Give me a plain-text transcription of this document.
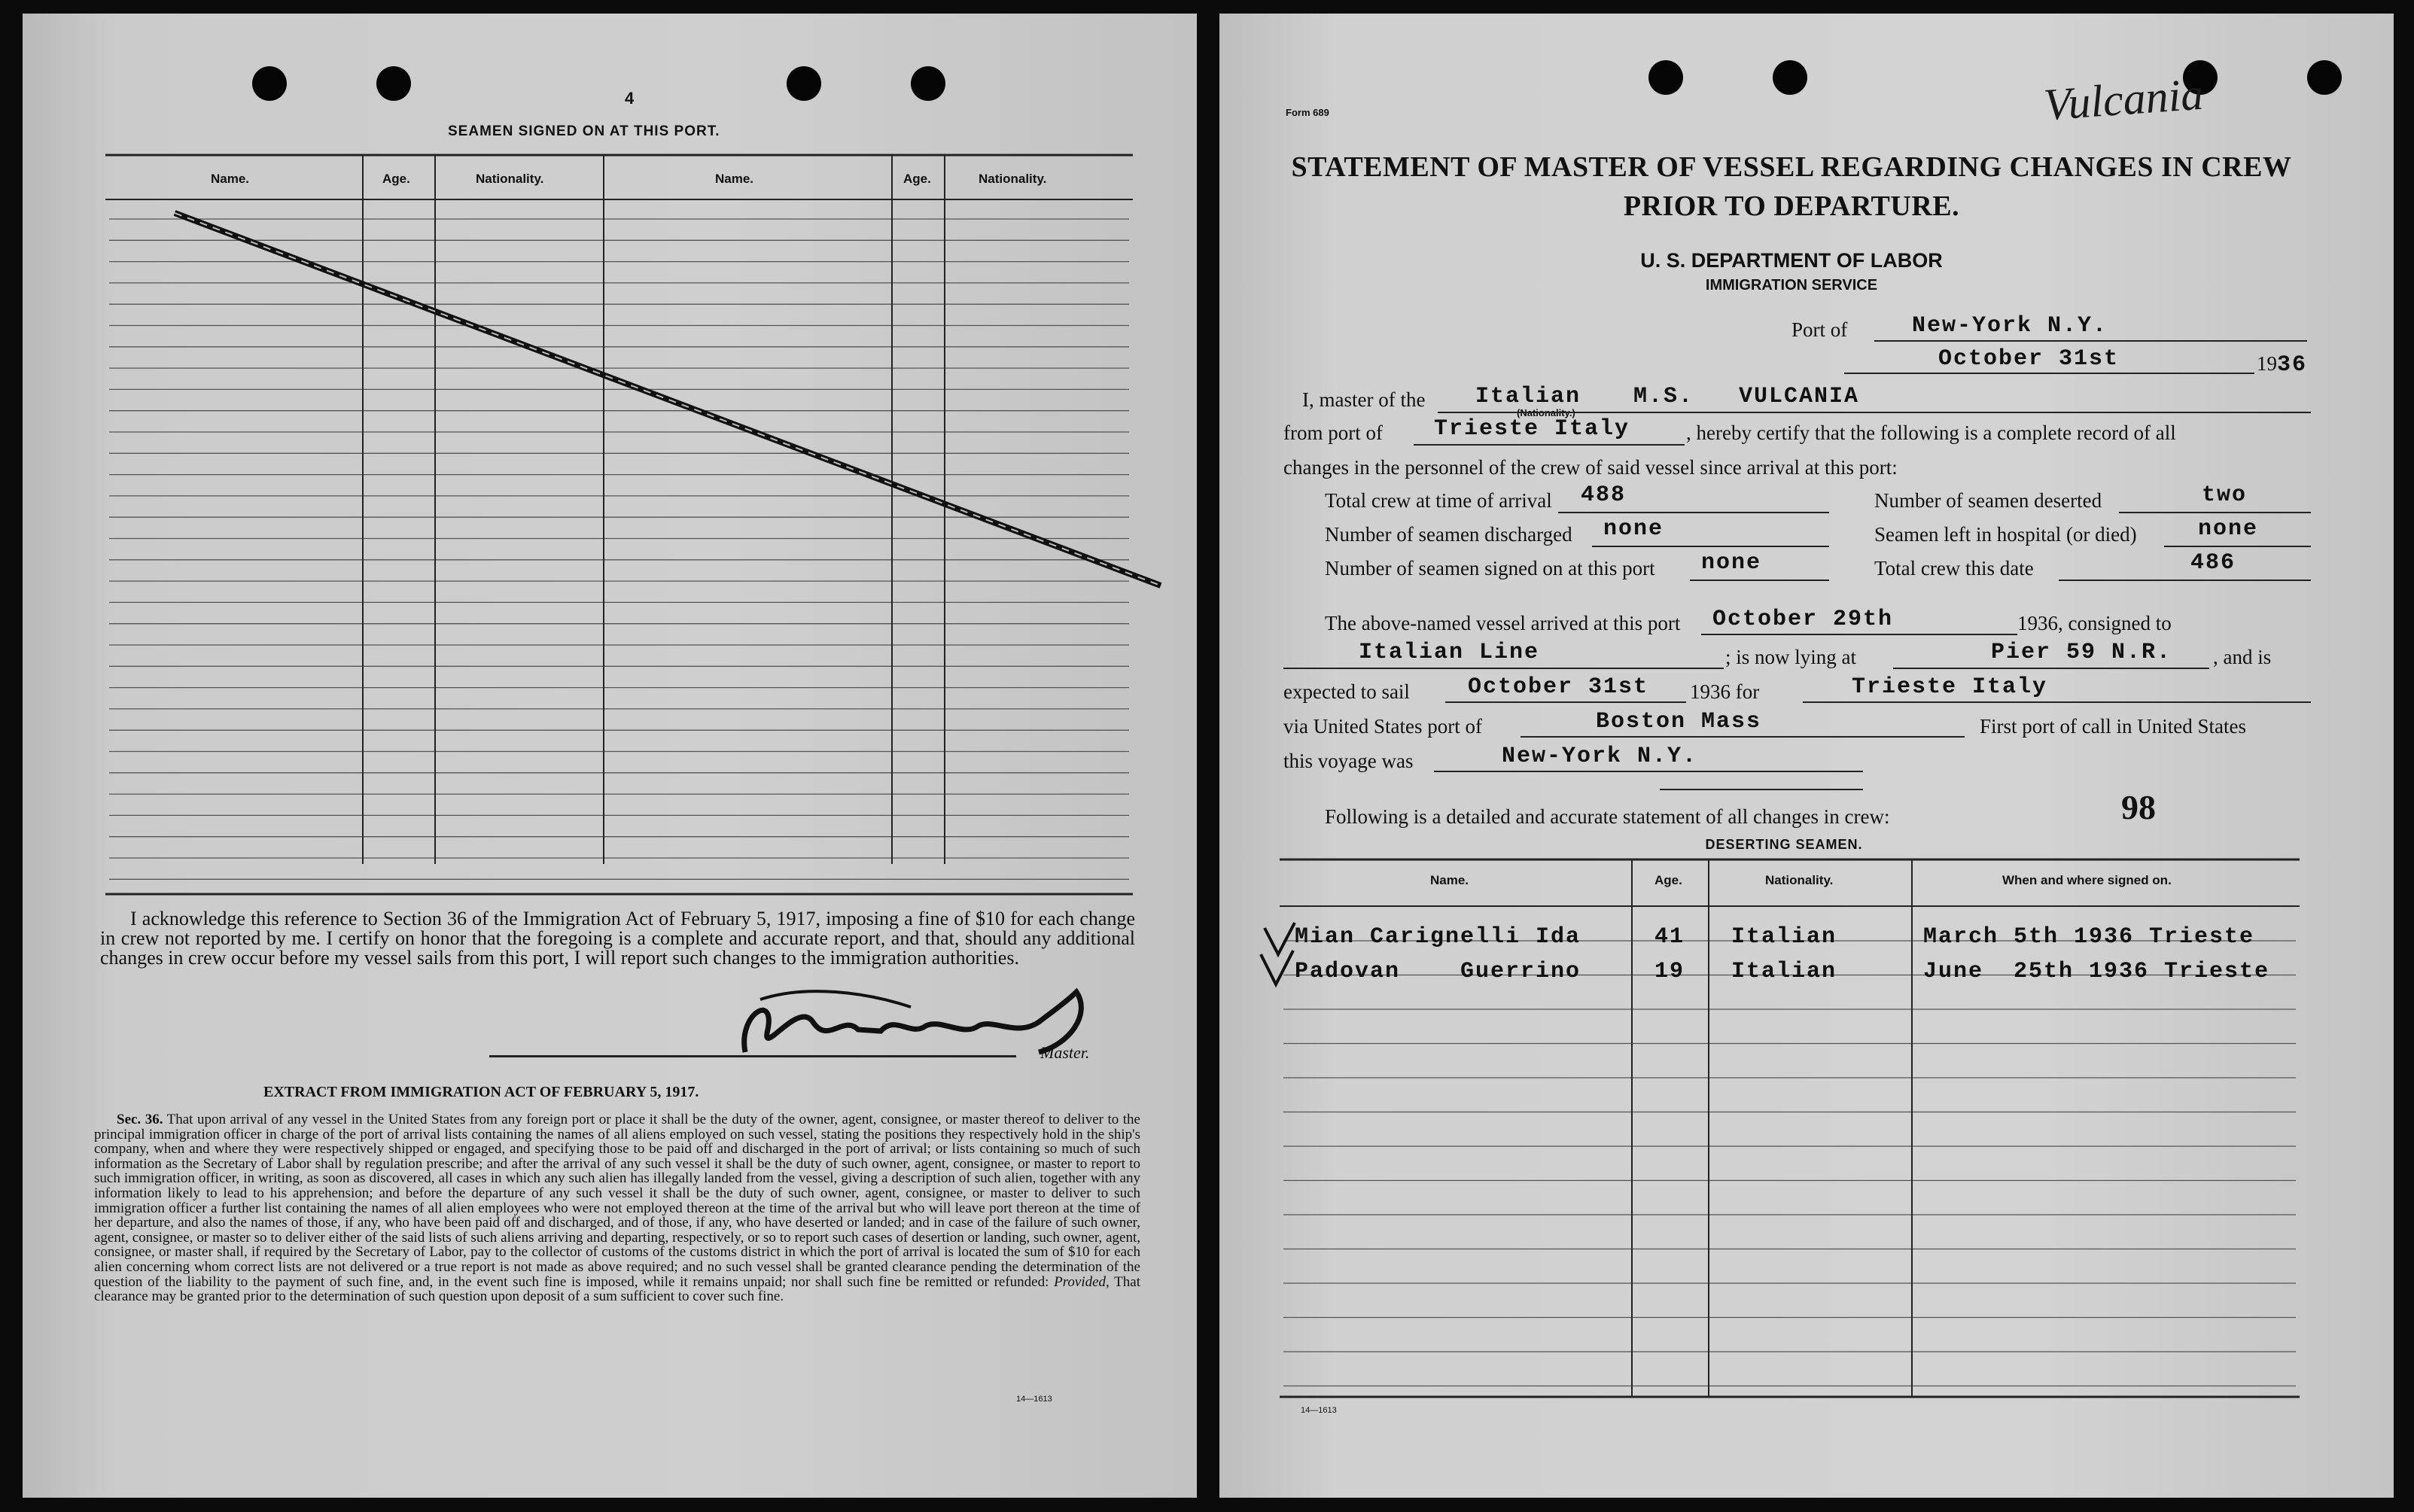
4
SEAMEN SIGNED ON AT THIS PORT.
Name.	Age.	Nationality.	Name.	Age.	Nationality.
I acknowledge this reference to Section 36 of the Immigration Act of February 5, 1917, imposing a fine of $10 for each change in crew not reported by me. I certify on honor that the foregoing is a complete and accurate report, and that, should any additional changes in crew occur before my vessel sails from this port, I will report such changes to the immigration authorities.
Master.
EXTRACT FROM IMMIGRATION ACT OF FEBRUARY 5, 1917.
Sec. 36. That upon arrival of any vessel in the United States from any foreign port or place it shall be the duty of the owner, agent, consignee, or master thereof to deliver to the principal immigration officer in charge of the port of arrival lists containing the names of all aliens employed on such vessel, stating the positions they respectively hold in the ship's company, when and where they were respectively shipped or engaged, and specifying those to be paid off and discharged in the port of arrival; or lists containing so much of such information as the Secretary of Labor shall by regulation prescribe; and after the arrival of any such vessel it shall be the duty of such owner, agent, consignee, or master to report to such immigration officer, in writing, as soon as discovered, all cases in which any such alien has illegally landed from the vessel, giving a description of such alien, together with any information likely to lead to his apprehension; and before the departure of any such vessel it shall be the duty of such owner, agent, consignee, or master to deliver to such immigration officer a further list containing the names of all alien employees who were not employed thereon at the time of the arrival but who will leave port thereon at the time of her departure, and also the names of those, if any, who have been paid off and discharged, and of those, if any, who have deserted or landed; and in case of the failure of such owner, agent, consignee, or master so to deliver either of the said lists of such aliens arriving and departing, respectively, or so to report such cases of desertion or landing, such owner, agent, consignee, or master shall, if required by the Secretary of Labor, pay to the collector of customs of the customs district in which the port of arrival is located the sum of $10 for each alien concerning whom correct lists are not delivered or a true report is not made as above required; and no such vessel shall be granted clearance pending the determination of the question of the liability to the payment of such fine, and, in the event such fine is imposed, while it remains unpaid; nor shall such fine be remitted or refunded: Provided, That clearance may be granted prior to the determination of such question upon deposit of a sum sufficient to cover such fine.
14—1613
Vulcania
Form 689
STATEMENT OF MASTER OF VESSEL REGARDING CHANGES IN CREW
PRIOR TO DEPARTURE.
U. S. DEPARTMENT OF LABOR
IMMIGRATION SERVICE
Port of	New-York N.Y.
October 31st	1936
I, master of the Italian
(Nationality.)
M.S. VULCANIA
from port of Trieste Italy	, hereby certify that the following is a complete record of all
changes in the personnel of the crew of said vessel since arrival at this port:
Total crew at time of arrival 488	Number of seamen deserted	two
Number of seamen discharged none	Seamen left in hospital (or died)	none
Number of seamen signed on at this port none	Total crew this date	486
The above-named vessel arrived at this port October 29th	1936, consigned to
Italian Line	; is now lying at	Pier 59 N.R. , and is
expected to sail	October 31st 1936 for	Trieste Italy
via United States port of	Boston Mass	First port of call in United States
this voyage was	New-York N.Y.
Following is a detailed and accurate statement of all changes in crew:	98
DESERTING SEAMEN.
Name.	Age.	Nationality.	When and where signed on.
Mian Carignelli Ida	41 Italian	March 5th 1936 Trieste
Padovan    Guerrino	19 Italian	June  25th 1936 Trieste
14—1613
